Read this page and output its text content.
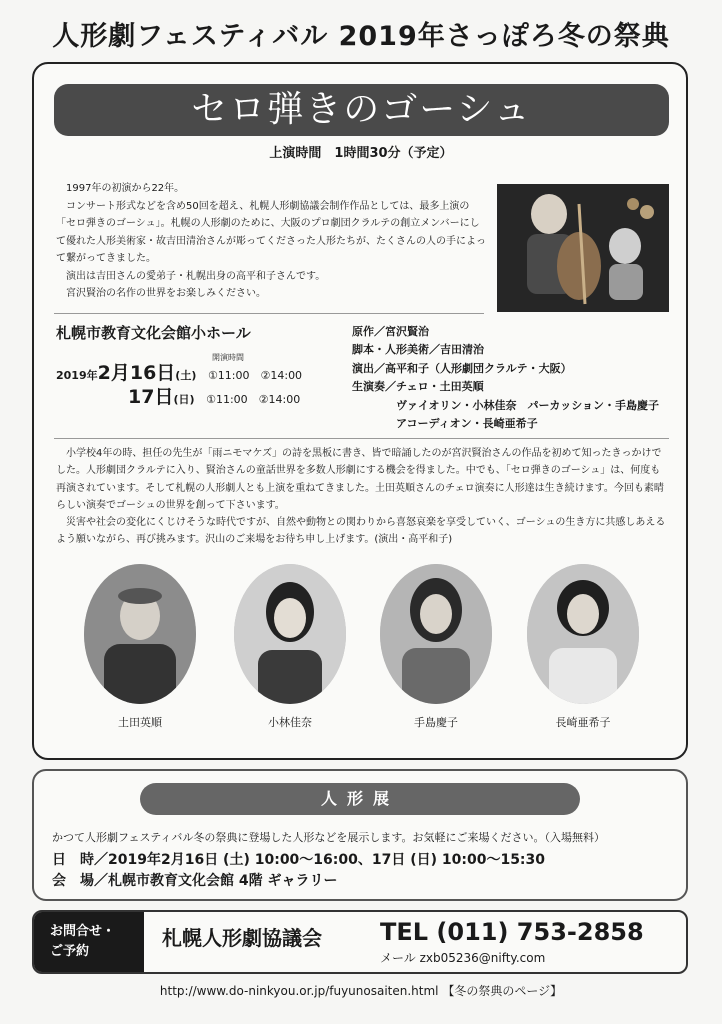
人形劇フェスティバル 2019年さっぽろ冬の祭典
セロ弾きのゴーシュ
上演時間　1時間30分（予定）

1997年の初演から22年。

コンサート形式などを含め50回を超え、札幌人形劇協議会制作作品としては、最多上演の「セロ弾きのゴーシュ」。札幌の人形劇のために、大阪のプロ劇団クラルテの創立メンバーにして優れた人形美術家・故吉田清治さんが彫ってくださった人形たちが、たくさんの人の手によって繋がってきました。

演出は吉田さんの愛弟子・札幌出身の高平和子さんです。

宮沢賢治の名作の世界をお楽しみください。

札幌市教育文化会館小ホール
開演時間
2019年2月16日(土) ①11:00　②14:00
17日(日) ①11:00　②14:00
原作／宮沢賢治
脚本・人形美術／吉田清治
演出／高平和子（人形劇団クラルテ・大阪）
生演奏／チェロ・土田英順
　　　　ヴァイオリン・小林佳奈　パーカッション・手島慶子
　　　　アコーディオン・長崎亜希子

小学校4年の時、担任の先生が「雨ニモマケズ」の詩を黒板に書き、皆で暗誦したのが宮沢賢治さんの作品を初めて知ったきっかけでした。人形劇団クラルテに入り、賢治さんの童話世界を多数人形劇にする機会を得ました。中でも、「セロ弾きのゴーシュ」は、何度も再演されています。そして札幌の人形劇人とも上演を重ねてきました。土田英順さんのチェロ演奏に人形達は生き続けます。今回も素晴らしい演奏でゴーシュの世界を創って下さいます。

災害や社会の変化にくじけそうな時代ですが、自然や動物との関わりから喜怒哀楽を享受していく、ゴーシュの生き方に共感しあえるよう願いながら、再び挑みます。沢山のご来場をお待ち申し上げます。(演出・高平和子)

土田英順	小林佳奈	手島慶子	長崎亜希子
人形展
かつて人形劇フェスティバル冬の祭典に登場した人形などを展示します。お気軽にご来場ください。（入場無料）
日　時／2019年2月16日 (土) 10:00～16:00、17日 (日) 10:00～15:30
会　場／札幌市教育文化会館 4階 ギャラリー
お問合せ・
ご予約
札幌人形劇協議会 TEL (011) 753-2858
メール zxb05236@nifty.com
http://www.do-ninkyou.or.jp/fuyunosaiten.html 【冬の祭典のページ】
